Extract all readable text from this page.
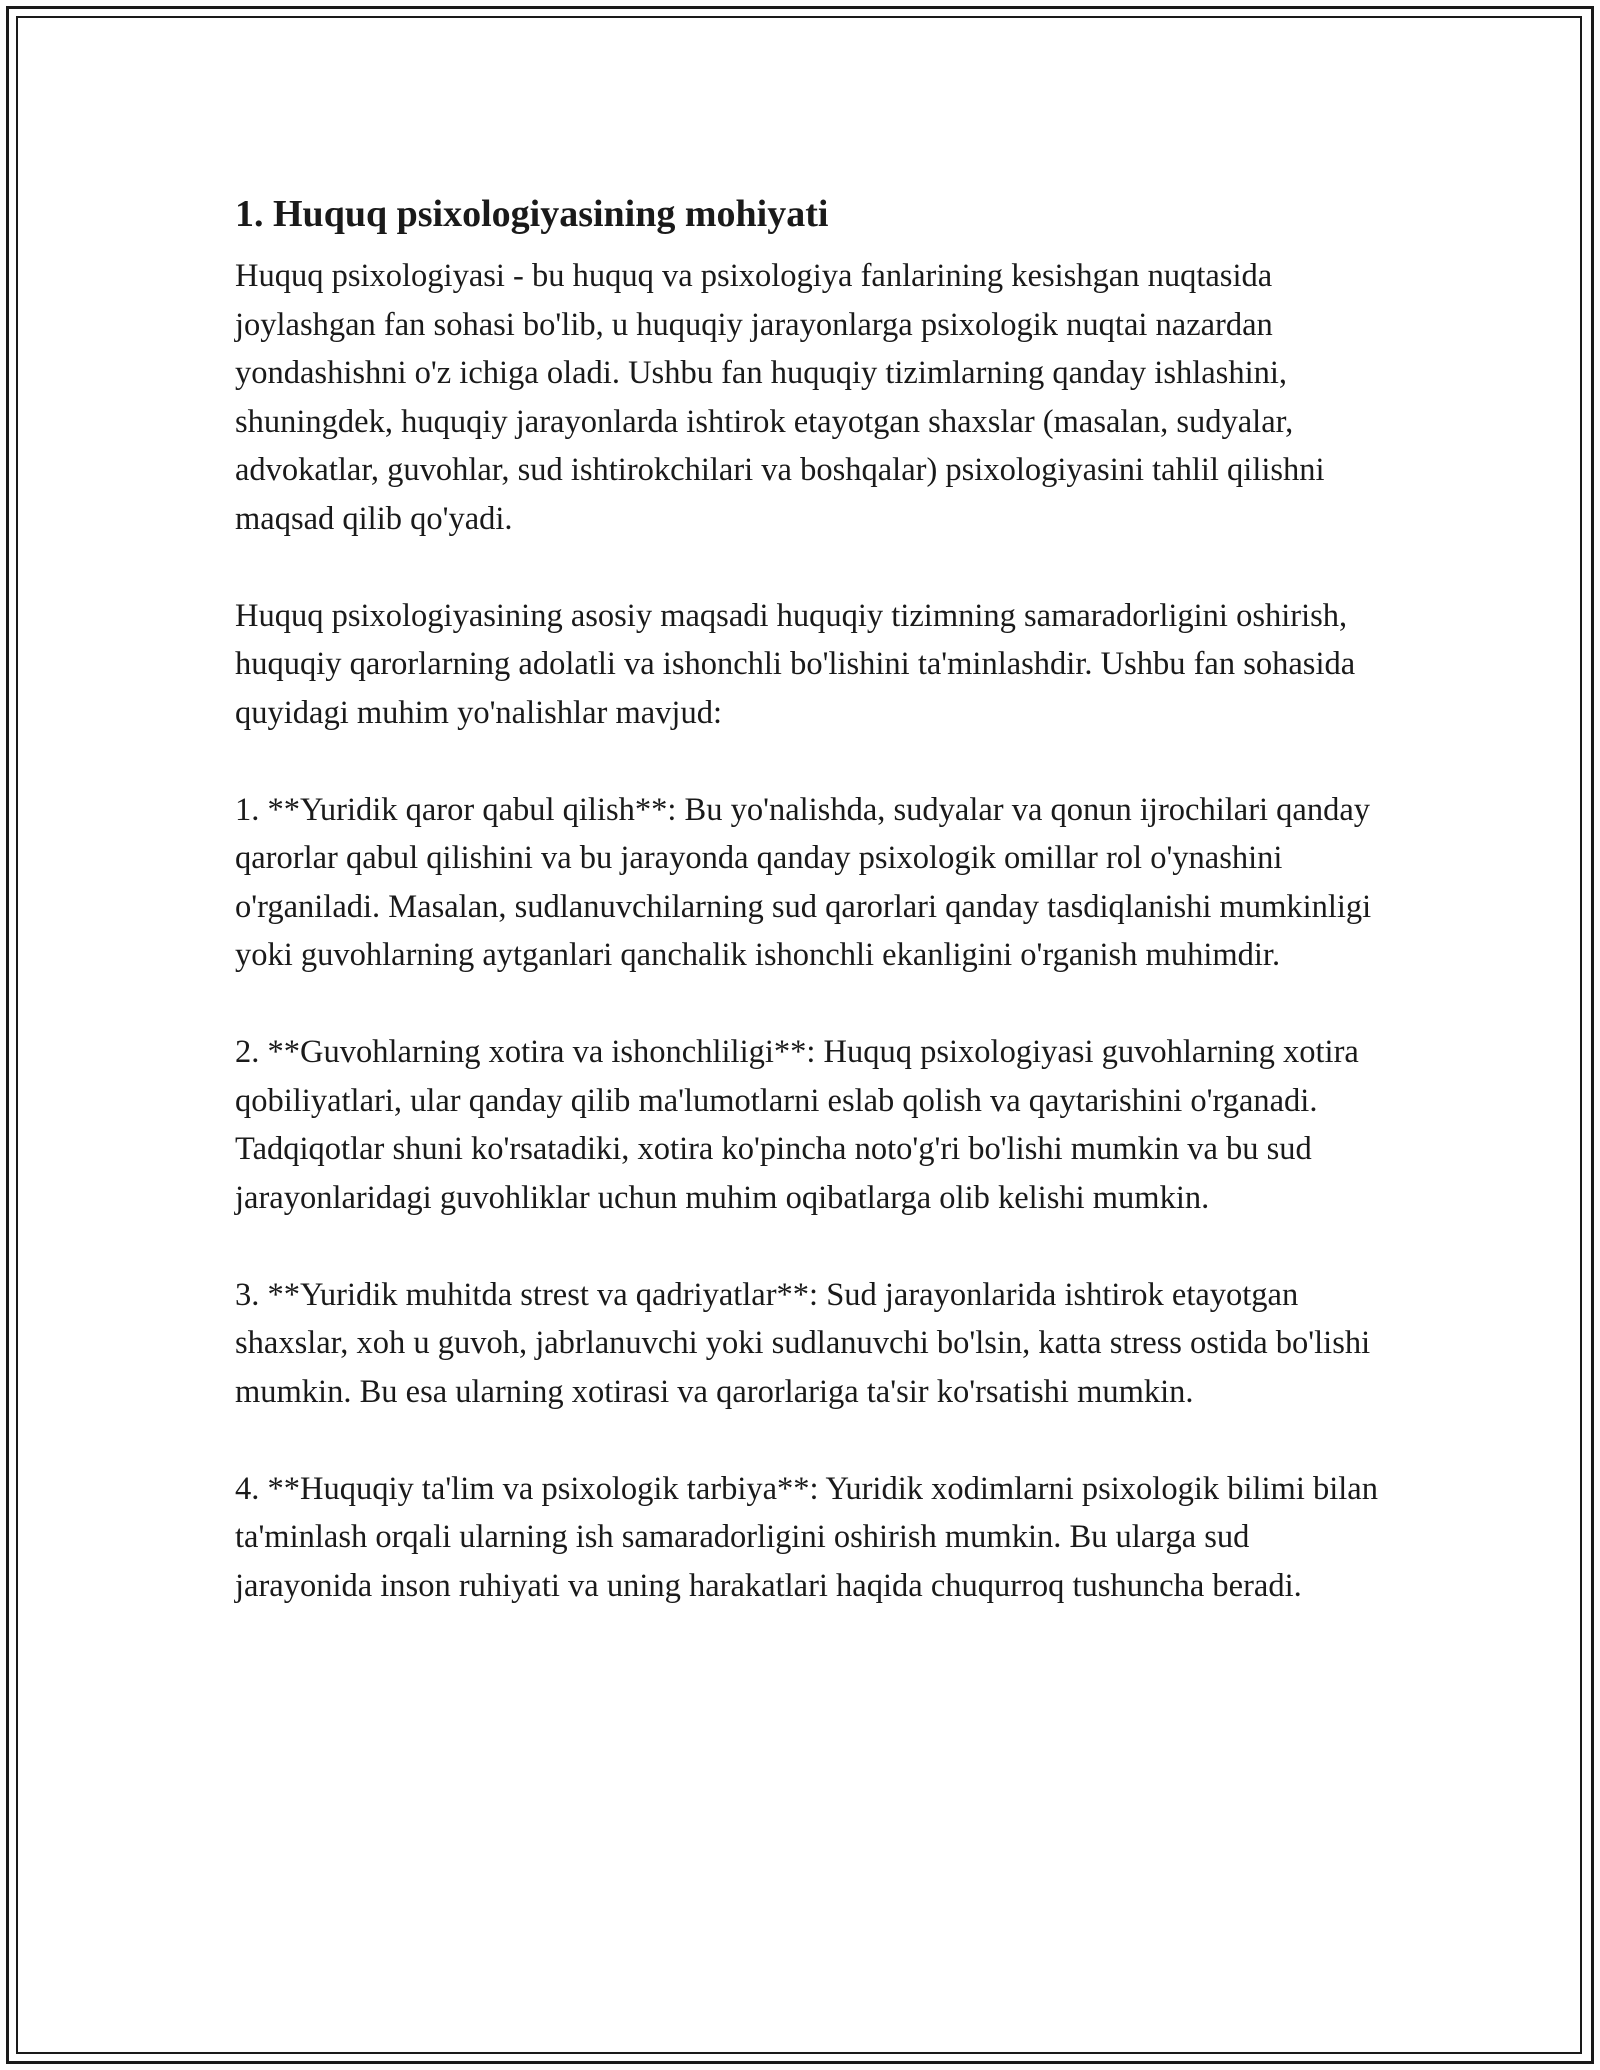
1. Huquq psixologiyasining mohiyati

Huquq psixologiyasi - bu huquq va psixologiya fanlarining kesishgan nuqtasida joylashgan fan sohasi bo'lib, u huquqiy jarayonlarga psixologik nuqtai nazardan yondashishni o'z ichiga oladi. Ushbu fan huquqiy tizimlarning qanday ishlashini, shuningdek, huquqiy jarayonlarda ishtirok etayotgan shaxslar (masalan, sudyalar, advokatlar, guvohlar, sud ishtirokchilari va boshqalar) psixologiyasini tahlil qilishni maqsad qilib qo'yadi.

Huquq psixologiyasining asosiy maqsadi huquqiy tizimning samaradorligini oshirish, huquqiy qarorlarning adolatli va ishonchli bo'lishini ta'minlashdir. Ushbu fan sohasida quyidagi muhim yo'nalishlar mavjud:

1. **Yuridik qaror qabul qilish**: Bu yo'nalishda, sudyalar va qonun ijrochilari qanday qarorlar qabul qilishini va bu jarayonda qanday psixologik omillar rol o'ynashini o'rganiladi. Masalan, sudlanuvchilarning sud qarorlari qanday tasdiqlanishi mumkinligi yoki guvohlarning aytganlari qanchalik ishonchli ekanligini o'rganish muhimdir.

2. **Guvohlarning xotira va ishonchliligi**: Huquq psixologiyasi guvohlarning xotira qobiliyatlari, ular qanday qilib ma'lumotlarni eslab qolish va qaytarishini o'rganadi. Tadqiqotlar shuni ko'rsatadiki, xotira ko'pincha noto'g'ri bo'lishi mumkin va bu sud jarayonlaridagi guvohliklar uchun muhim oqibatlarga olib kelishi mumkin.

3. **Yuridik muhitda strest va qadriyatlar**: Sud jarayonlarida ishtirok etayotgan shaxslar, xoh u guvoh, jabrlanuvchi yoki sudlanuvchi bo'lsin, katta stress ostida bo'lishi mumkin. Bu esa ularning xotirasi va qarorlariga ta'sir ko'rsatishi mumkin.

4. **Huquqiy ta'lim va psixologik tarbiya**: Yuridik xodimlarni psixologik bilimi bilan ta'minlash orqali ularning ish samaradorligini oshirish mumkin. Bu ularga sud jarayonida inson ruhiyati va uning harakatlari haqida chuqurroq tushuncha beradi.
